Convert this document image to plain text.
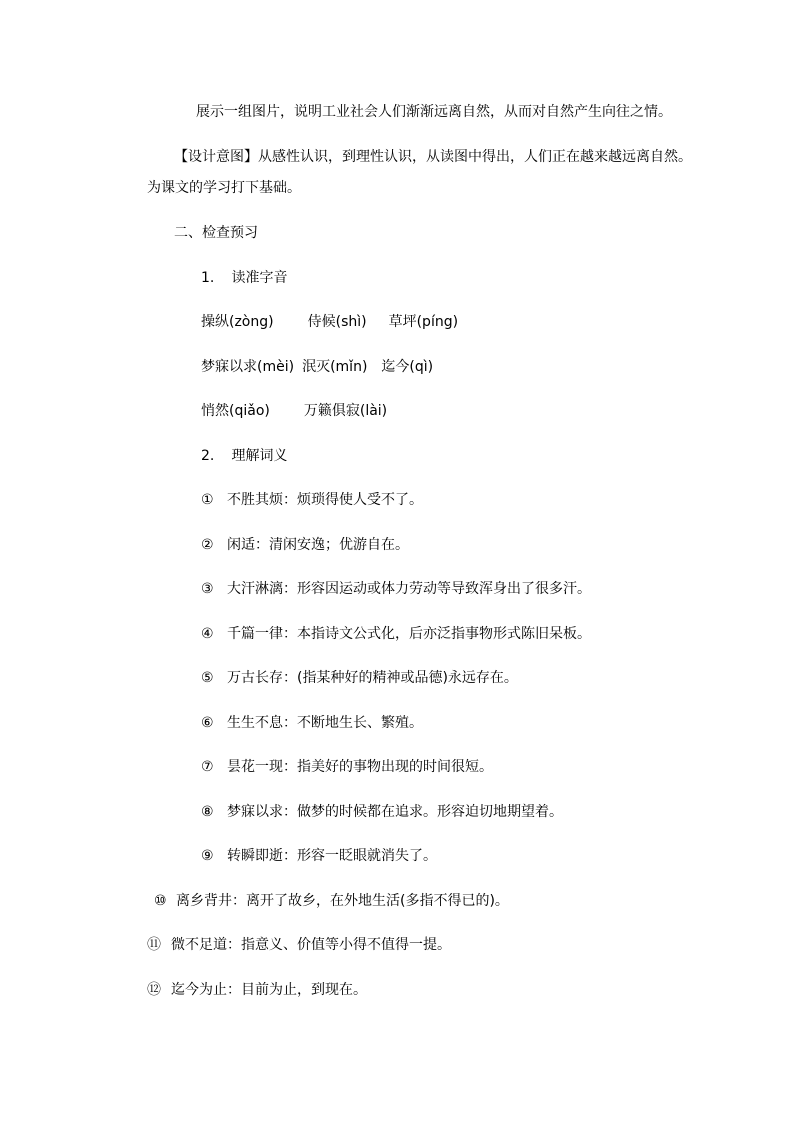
展示一组图片，说明工业社会人们渐渐远离自然，从而对自然产生向往之情。
【设计意图】从感性认识，到理性认识，从读图中得出，人们正在越来越远离自然。
为课文的学习打下基础。
二、检查预习
1. 读准字音
操纵(zòng) 侍候(shì) 草坪(píng)
梦寐以求(mèi) 泯灭(mǐn) 迄今(qì)
悄然(qiǎo) 万籁俱寂(lài)
2. 理解词义
① 不胜其烦：烦琐得使人受不了。
② 闲适：清闲安逸；优游自在。
③ 大汗淋漓：形容因运动或体力劳动等导致浑身出了很多汗。
④ 千篇一律：本指诗文公式化，后亦泛指事物形式陈旧呆板。
⑤ 万古长存：(指某种好的精神或品德)永远存在。
⑥ 生生不息：不断地生长、繁殖。
⑦ 昙花一现：指美好的事物出现的时间很短。
⑧ 梦寐以求：做梦的时候都在追求。形容迫切地期望着。
⑨ 转瞬即逝：形容一眨眼就消失了。
⑩ 离乡背井：离开了故乡，在外地生活(多指不得已的)。
⑪ 微不足道：指意义、价值等小得不值得一提。
⑫ 迄今为止：目前为止，到现在。
